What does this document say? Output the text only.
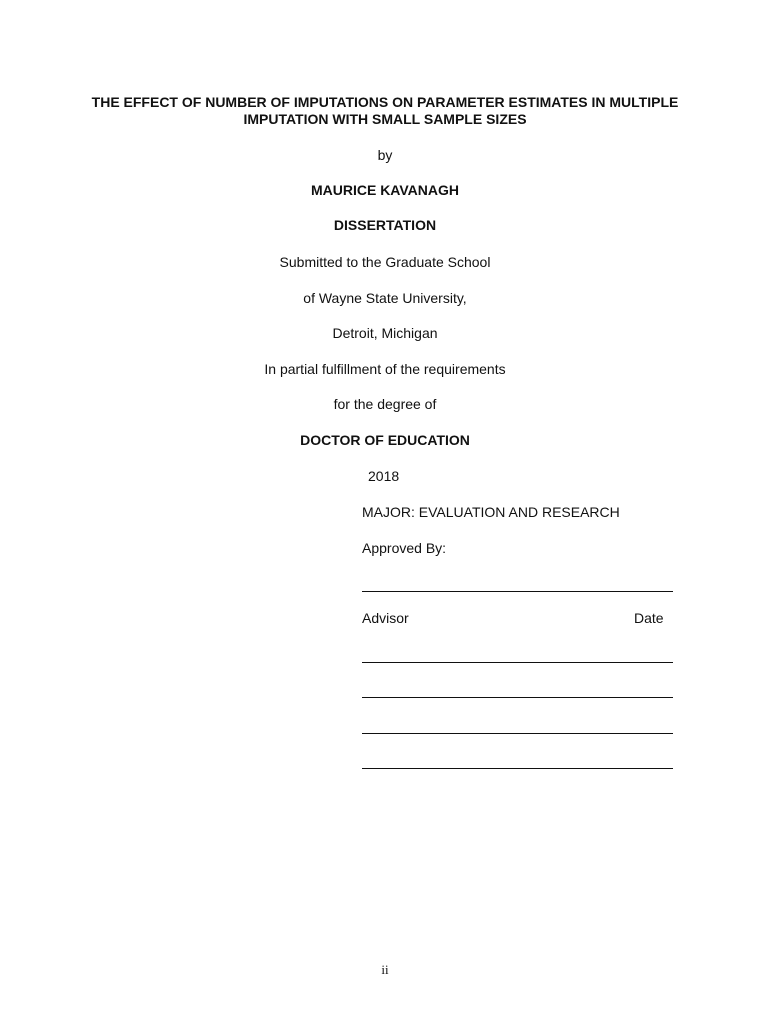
THE EFFECT OF NUMBER OF IMPUTATIONS ON PARAMETER ESTIMATES IN MULTIPLE IMPUTATION WITH SMALL SAMPLE SIZES
by
MAURICE KAVANAGH
DISSERTATION
Submitted to the Graduate School
of Wayne State University,
Detroit, Michigan
In partial fulfillment of the requirements
for the degree of
DOCTOR OF EDUCATION
2018
MAJOR: EVALUATION AND RESEARCH
Approved By:
Advisor	Date
ii
